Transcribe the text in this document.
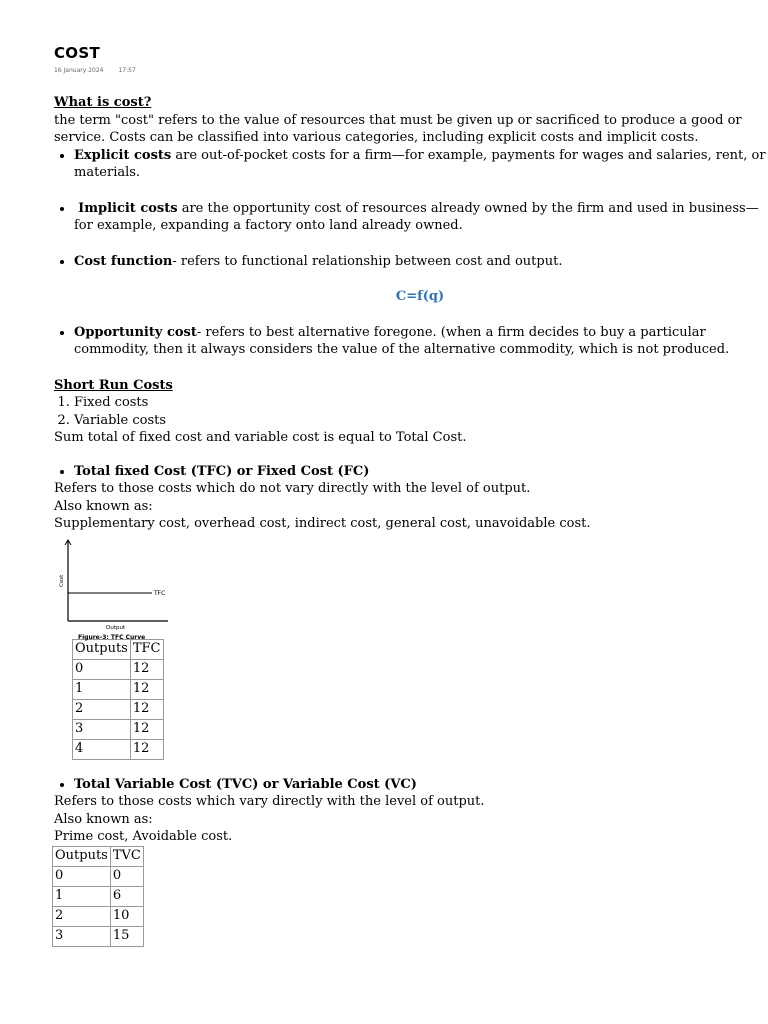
COST
16 January 2024	17:57

What is cost?

the term "cost" refers to the value of resources that must be given up or sacrificed to produce a good or service. Costs can be classified into various categories, including explicit costs and implicit costs.

• Explicit costs are out-of-pocket costs for a firm—for example, payments for wages and salaries, rent, or materials.
• Implicit costs are the opportunity cost of resources already owned by the firm and used in business—for example, expanding a factory onto land already owned.
• Cost function- refers to functional relationship between cost and output.

C=f(q)

• Opportunity cost- refers to best alternative foregone. (when a firm decides to buy a particular commodity, then it always considers the value of the alternative commodity, which is not produced.

Short Run Costs

1. Fixed costs
2. Variable costs

Sum total of fixed cost and variable cost is equal to Total Cost.

• Total fixed Cost (TFC) or Fixed Cost (FC)

Refers to those costs which do not vary directly with the level of output.

Also known as:

Supplementary cost, overhead cost, indirect cost, general cost, unavoidable cost.

TFC
Cost
Output
Figure-3: TFC Curve
Outputs	TFC
0	12
1	12
2	12
3	12
4	12
• Total Variable Cost (TVC) or Variable Cost (VC)

Refers to those costs which vary directly with the level of output.

Also known as:

Prime cost, Avoidable cost.

Outputs	TVC
0	0
1	6
2	10
3	15
